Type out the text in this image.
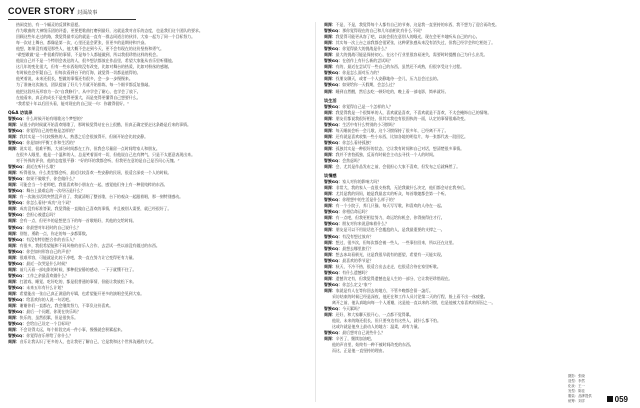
COVER STORY 封面故事

热闹竞拍，有一个幅灵的反馈和意愿。

作为歌曲的大神级乐团的评委，更要把歌曲打磨到最好，这就是我对音乐的态度，也是我们这个团队的要求。

回顾这些年走过的路，我觉得最幸运的就是一直有一群志同道合的伙伴，大家一起为了同一个目标努力。

每一次站上舞台，都像是第一次，心里还是会紧张，但更多的是期待和兴奋。

他想，如果没有遇见那些人，他大概不会走到今天，更不会有现在的这份坚持和勇气。

“敢想敢做”是一件很难得的事情，不是每个人都能做到，所以我很珍惜这样的机会。

他说自己并不是一个特别会表达的人，很多想法都放在作品里，希望大家能从音乐里听懂他。

这几年的变化很大，但有一些东西始终没有改变，比如对舞台的热爱，比如对粉丝的感谢。

有时候也会怀疑自己，但每次看到台下的灯海，就觉得一切都是值得的。

他笑着说，未来还很长，想做的事情还有很多，会一步一步慢慢来。

为了准备这次演出，团队提前了好几个月就开始排练，每一个细节都反复推敲。

他把这段经历形容为一次“自我修行”，从中学会了耐心，也学会了放下。

在他看来，真正的成长不是变得更强大，而是变得更懂得自己想要什么。

“我希望十年以后回头看，能对现在的自己说一句：你做得很好。”

Q&A 访谈录
智族GQ：什么时候开始有唱歌这个梦想的？
周深：从很小的时候就开始喜欢唱歌了，那时候觉得站在台上很酷，但真正确定要走这条路是后来的事情。
智族GQ：你觉得自己的性格是怎样的？
周深：我其实是一个比较慢热的人，熟悉之后会很放得开，但刚开始会比较安静。
智族GQ：你是如何平衡工作和生活的？
周深：说实话，很难平衡，大部分时间都在工作，但我会尽量留一点时间给家人和朋友。

在很多人眼里，他是一个温和的人，总是笑着面对一切，但他说自己也有脾气，只是不太愿意表现出来。

对于外界的评价，他的态度很平静：“好的坏的我都会听，但我更在意的是自己是否问心无愧。”

智族GQ：最近在听什么歌？
周深：听得很杂，什么类型都会听，最近比较喜欢一些安静的民谣，很适合深夜一个人的时候。
智族GQ：如果不做歌手，你会做什么？
周深：可能会当一个老师吧，我很喜欢和小朋友在一起，感觉他们身上有一种很纯粹的东西。
智族GQ：舞台上最难忘的一次经历是什么？
周深：有一次演出话筒突然没声音了，我就清唱了整首歌，台下的观众一起跟着唱，那一刻特别感动。
智族GQ：你怎么看待“成功”这个词？
周深：成功没有标准答案，我觉得能一直做自己喜欢的事情，并且被别人需要，就已经很好了。
智族GQ：会担心被遗忘吗？
周深：会有一点，但更多的是想把当下的每一首歌唱好，其他的交给时间。
智族GQ：你最想对年轻时的自己说什么？
周深：别怕，勇敢一点，你走的每一步都算数。
智族GQ：有没有特别想合作的音乐人？
周深：有很多，我很希望能和不同风格的音乐人合作，去尝试一些以前没有做过的东西。
智族GQ：你会如何形容自己的声音？
周深：很难形容，可能就是比较干净吧，我一直在努力让它变得更有力量。
智族GQ：最近一次哭是什么时候？
周深：前几天看一部电影的时候，那种很安静的感动，一下子就绷不住了。
智族GQ：工作之余最喜欢做什么？
周深：打游戏、睡觉、吃好吃的，都是很普通的事情，但能让我放松下来。
智族GQ：未来五年有什么计划？
周深：希望能出一张自己真正满意的专辑，也希望能开更多的演唱会见到大家。
智族GQ：给喜欢你的人说一句话吧。
周深：谢谢你们一直都在，我会继续努力，不辜负这份喜欢。
智族GQ：最后一个问题，你现在快乐吗？
周深：快乐的，虽然很累，但是很快乐。
智族GQ：会给自己设定一个目标吗？
周深：不会设得太远，每个阶段完成一件小事，慢慢就会积累起来。
智族GQ：你觉得音乐带给了你什么？
周深：音乐让我认识了更多的人，也让我更了解自己，它是我和这个世界沟通的方式。
周深：不是，不是，我觉得每个人都有自己的节奏，这是我一直坚持的东西，我不想为了迎合而改变。
智族GQ：那你觉得现在的自己和几年前相比有什么不同？
周深：我觉得可能更从容了吧，以前会很在意别人的眼光，现在会更多地听从自己的内心。
周深：其实每一次上台之前我都会很紧张，这种紧张感从来没有消失过，但我已经学会和它相处了。
智族GQ：你觉得最大的挑战是什么？
周深：最大的挑战可能是保持初心，在这个行业里很容易迷失，需要时时提醒自己为什么出发。
智族GQ：在创作上有什么新的尝试吗？
周深：有的，最近在尝试写一些自己的东西，虽然还不成熟，但很享受这个过程。
智族GQ：你是怎么面对压力的？
周深：找朋友聊天，或者一个人安静地待一会儿，压力总会过去的。
智族GQ：如果给你一天假期，会怎么过？
周深：睡到自然醒，然后去吃一顿好吃的，晚上看一部电影，简单就好。
谈生活
智族GQ：你觉得自己是一个怎样的人？
周深：我觉得我是一个很简单的人，喜欢就是喜欢，不喜欢就是不喜欢，不太会掩饰自己的情绪。
周深：朋友们都说我很好相处，但其实我也有很固执的一面，认定的事情很难改变。
智族GQ：生活中有什么特别的小习惯吗？
周深：每天睡前会听一会儿歌，这个习惯保持了很多年，已经离不开了。
周深：还有就是喜欢收集一些小东西，比如各地的明信片，每一张都代表一段回忆。
智族GQ：你怎么看待孤独？
周深：孤独其实是一种很好的状态，它让我有时间和自己对话，想清楚很多事情。
周深：我并不害怕孤独，反而有时候会主动去寻找一个人的时间。
智族GQ：会焦虑吗？
周深：会，尤其是作品发布之前，会很担心大家不喜欢，但发布之后就释然了。
谈情感
智族GQ：家人对你的影响大吗？
周深：非常大，我的家人一直很支持我，无论我做什么决定，他们都会站在我身后。
周深：尤其是我的妈妈，她是我最忠实的听众，每首歌她都会第一个听。
智族GQ：你理想中的生活是什么样子的？
周深：有一个小院子，养几只猫，每天写写歌，和喜欢的人待在一起。
智族GQ：你相信命运吗？
周深：有一点吧，但我更相信努力，命运给你机会，你得接得住才行。
智族GQ：朋友对你来说意味着什么？
周深：朋友是可以不用说话也不会尴尬的人，是我最重要的支撑之一。
智族GQ：有没有想过放弃？
周深：想过，很多次，但每次都会被一些人、一些事拉回来，所以还在这里。
智族GQ：最想去哪里旅行？
周深：想去冰岛看极光，这是我很早就有的愿望，希望有一天能实现。
智族GQ：最喜欢的季节是？
周深：秋天，不冷不热，很适合出去走走，也很适合待在家里听歌。
智族GQ：有什么遗憾吗？
周深：遗憾肯定有，但我觉得遗憾也是人生的一部分，它让我更珍惜现在。
智族GQ：你怎么定义“家”？
周深：家就是有人在等你回去的地方，不管多晚都会留一盏灯。

采访结束的时候已经是深夜，他还在和工作人员讨论第二天的行程，脸上看不出一丝疲惫。

离开之前，他认真地向每一个人道谢，这是他一直以来的习惯，也是他被大家喜欢的原因之一。

智族GQ：今天累吗？
周深：还好，和大家聊天很开心，一点都不觉得累。

他说，未来的路还很长，但只要身边有这些人，就什么都不怕。

这或许就是他身上最动人的地方：温柔，却有力量。

智族GQ：最后想对自己说些什么？
周深：辛苦了，继续加油吧。

他的声音里，始终有一种不被时间改变的东西。

而这，正是他一直坚持的理由。

摄影：张晓
造型：李然
化妆：王一
发型：陈佳
服装：品牌提供
统筹：刘洋	059
